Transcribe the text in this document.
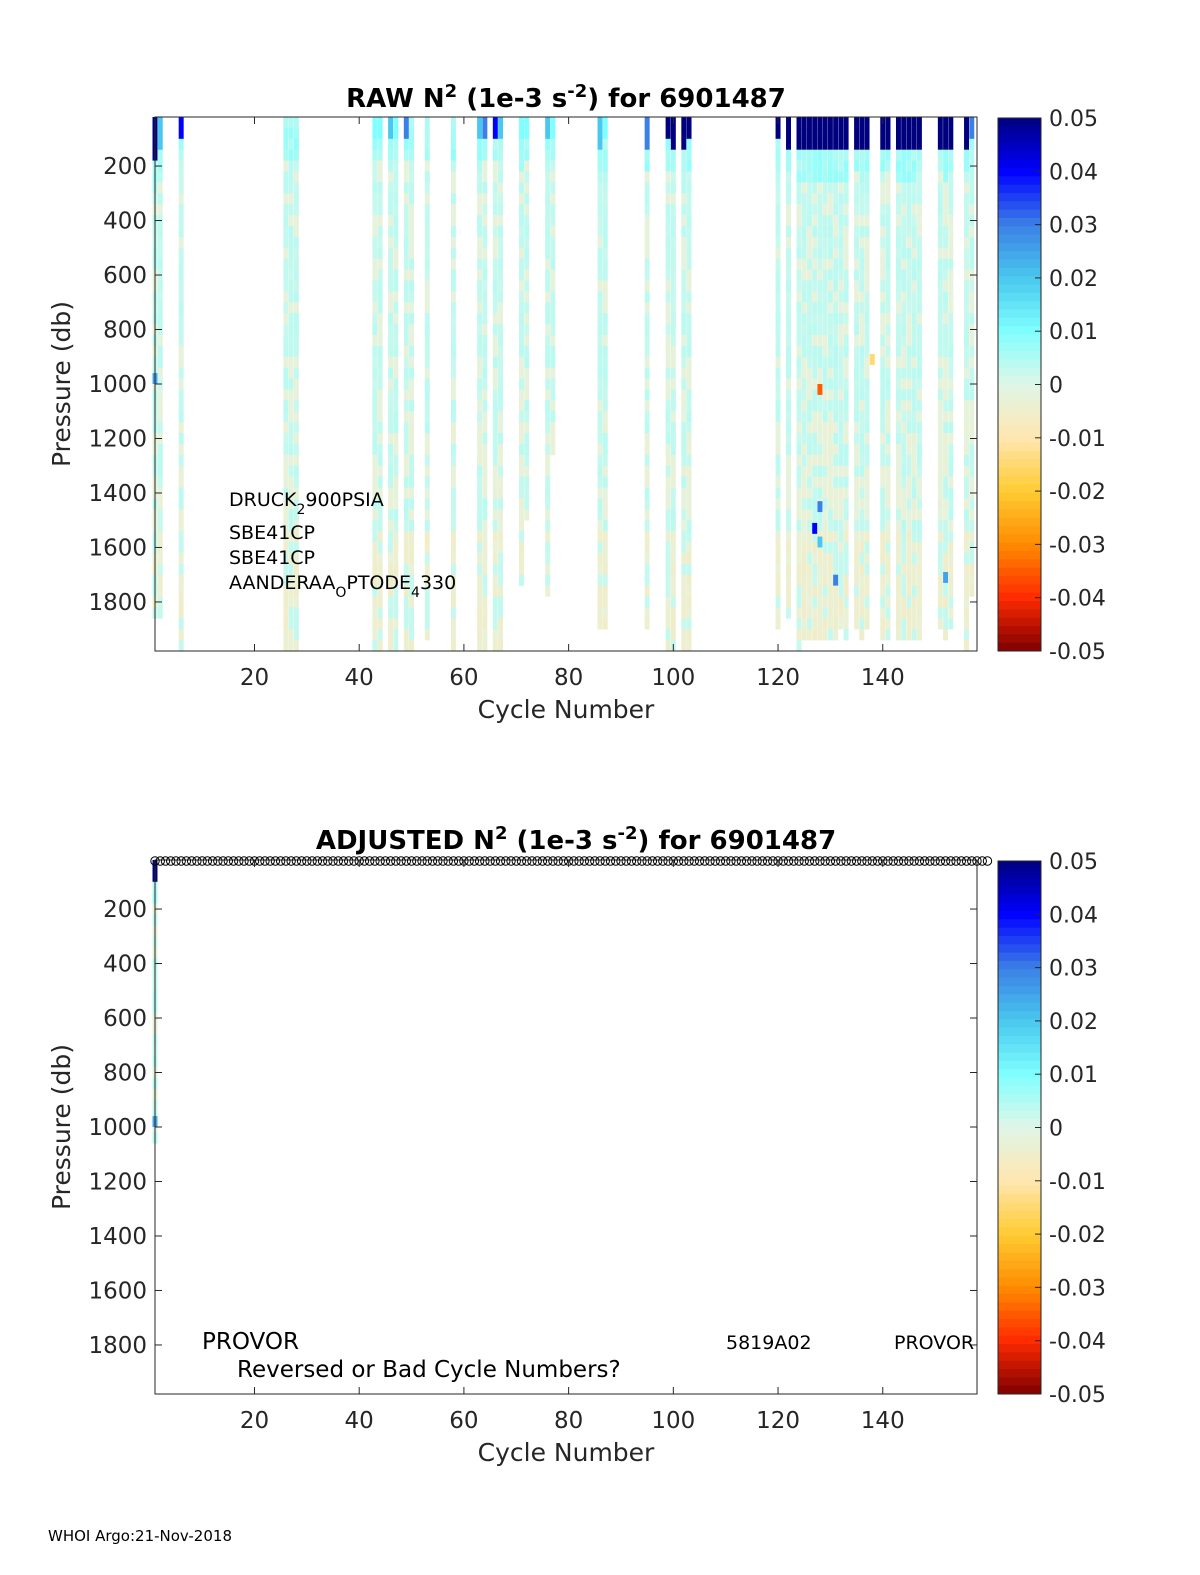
RAW $N^2$ (1e-3 $s^{-2}$) for 6901487
20	40	60	80	100	120	140
200
400
600
800
1000
1200
1400
1600
1800
Cycle Number
Pressure (db)
$DRUCK_2900PSIA$
SBE41CP
SBE41CP
$AANDERAA_OPTODE_4330$
0.05
0.04
0.03
0.02
0.01
0
-0.01
-0.02
-0.03
-0.04
-0.05
ADJUSTED $N^2$ (1e-3 $s^{-2}$) for 6901487
20	40	60	80	100	120	140
200
400
600
800
1000
1200
1400
1600
1800
Cycle Number
Pressure (db)
PROVOR
Reversed or Bad Cycle Numbers?
5819A02	PROVOR
0.05
0.04
0.03
0.02
0.01
0
-0.01
-0.02
-0.03
-0.04
-0.05
WHOI Argo:21-Nov-2018
